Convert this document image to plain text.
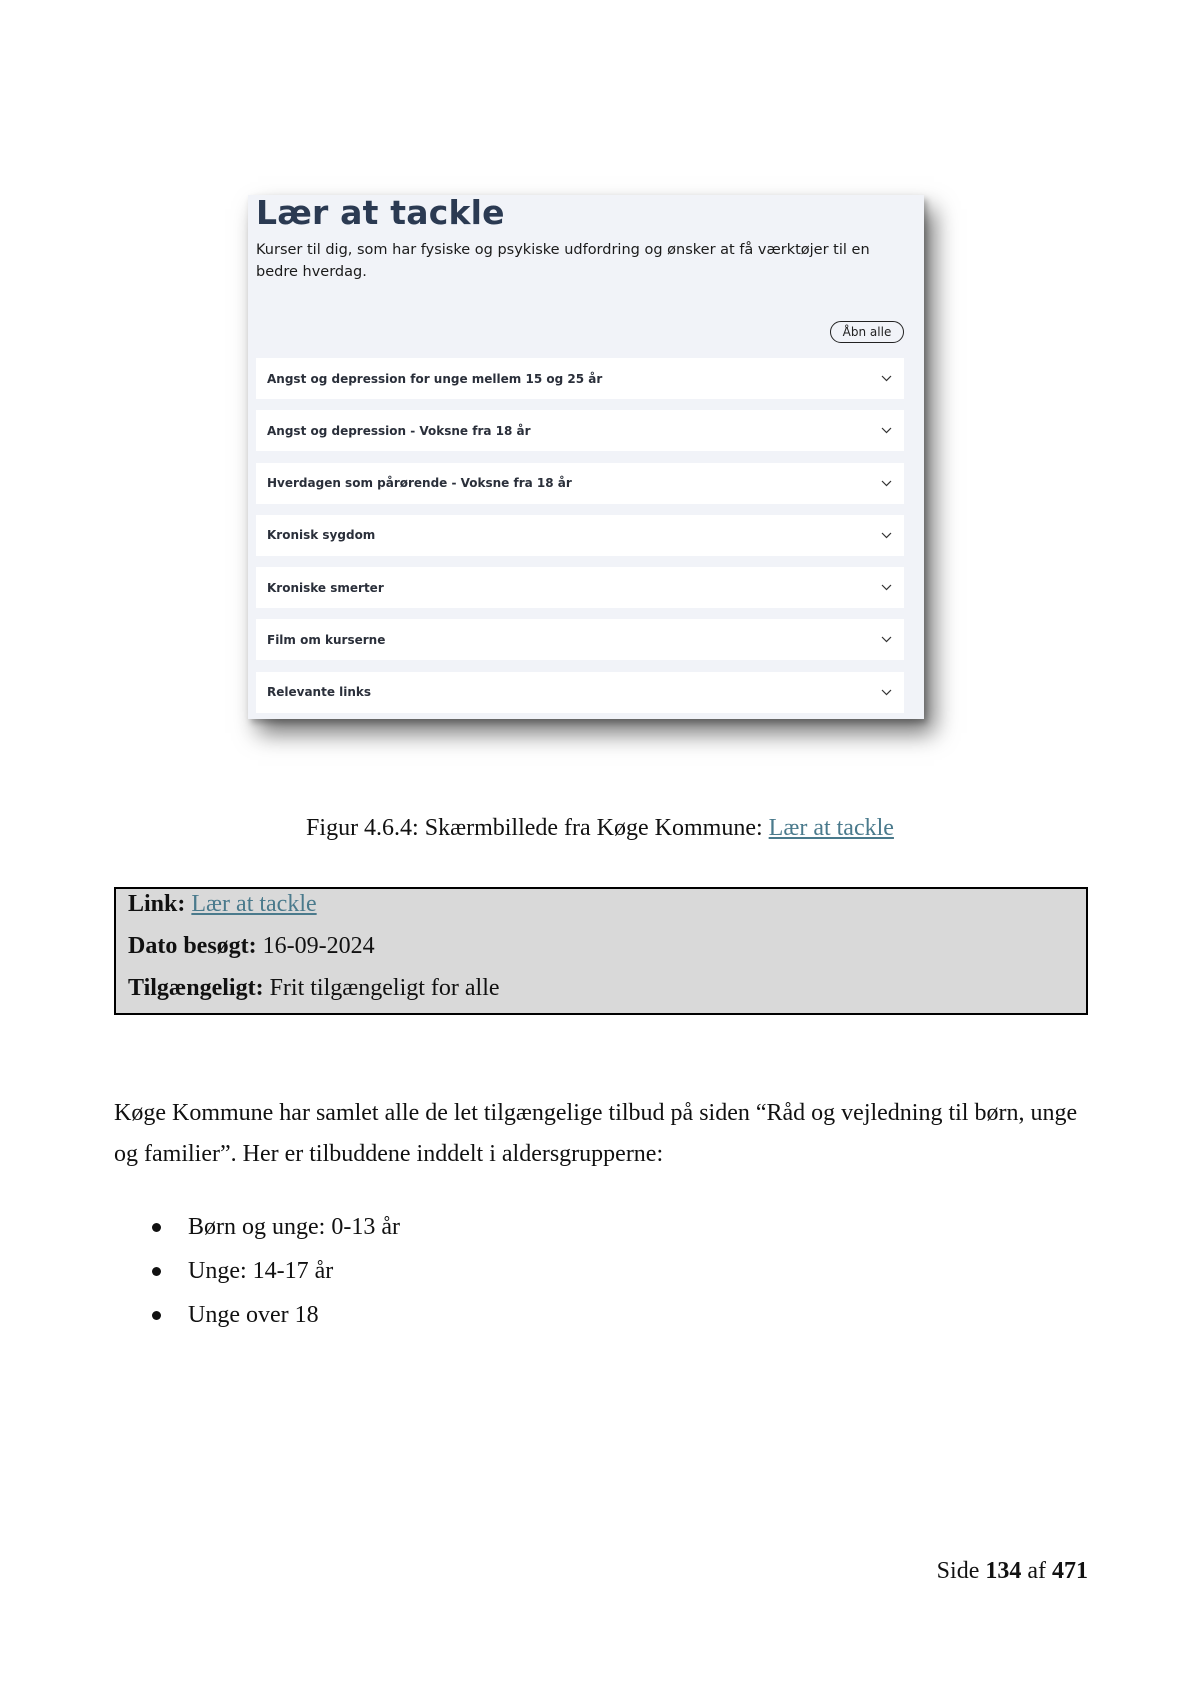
Lær at tackle

Kurser til dig, som har fysiske og psykiske udfordring og ønsker at få værktøjer til en bedre hverdag.

Åbn alle
Angst og depression for unge mellem 15 og 25 år
Angst og depression - Voksne fra 18 år
Hverdagen som pårørende - Voksne fra 18 år
Kronisk sygdom
Kroniske smerter
Film om kurserne
Relevante links
Figur 4.6.4: Skærmbillede fra Køge Kommune: Lær at tackle
Link: Lær at tackle
Dato besøgt: 16-09-2024
Tilgængeligt: Frit tilgængeligt for alle

Køge Kommune har samlet alle de let tilgængelige tilbud på siden “Råd og vejledning til børn, unge og familier”. Her er tilbuddene inddelt i aldersgrupperne:

Børn og unge: 0-13 år
Unge: 14-17 år
Unge over 18
Side 134 af 471
